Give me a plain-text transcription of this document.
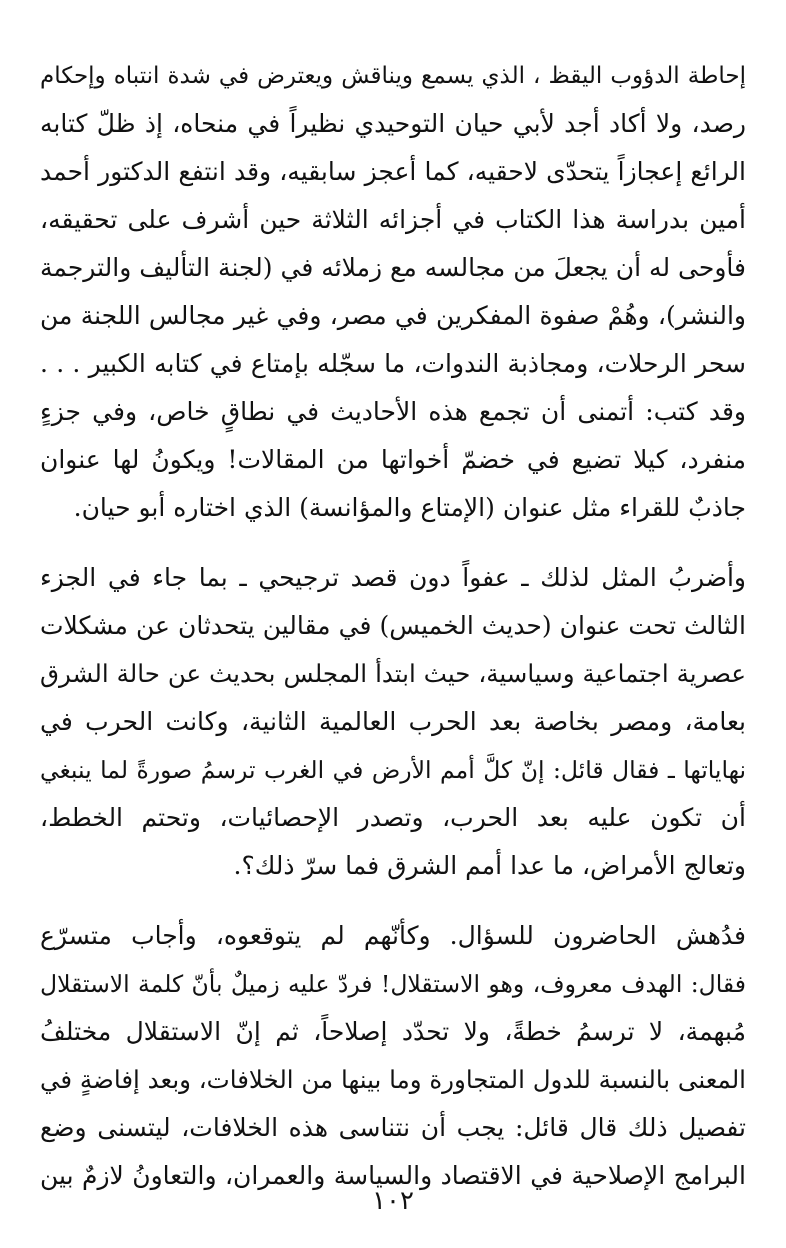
إحاطة الدؤوب اليقظ ، الذي يسمع ويناقش ويعترض في شدة انتباه وإحكام
رصد، ولا أكاد أجد لأبي حيان التوحيدي نظيراً في منحاه، إذ ظلّ كتابه
الرائع إعجازاً يتحدّى لاحقيه، كما أعجز سابقيه، وقد انتفع الدكتور أحمد
أمين بدراسة هذا الكتاب في أجزائه الثلاثة حين أشرف على تحقيقه،
فأوحى له أن يجعلَ من مجالسه مع زملائه في (لجنة التأليف والترجمة
والنشر)، وهُمْ صفوة المفكرين في مصر، وفي غير مجالس اللجنة من
سحر الرحلات، ومجاذبة الندوات، ما سجّله بإمتاع في كتابه الكبير . . .
وقد كتب: أتمنى أن تجمع هذه الأحاديث في نطاقٍ خاص، وفي جزءٍ
منفرد، كيلا تضيع في خضمّ أخواتها من المقالات! ويكونُ لها عنوان
جاذبٌ للقراء مثل عنوان (الإمتاع والمؤانسة) الذي اختاره أبو حيان.
وأضربُ المثل لذلك ـ عفواً دون قصد ترجيحي ـ بما جاء في الجزء
الثالث تحت عنوان (حديث الخميس) في مقالين يتحدثان عن مشكلات
عصرية اجتماعية وسياسية، حيث ابتدأ المجلس بحديث عن حالة الشرق
بعامة، ومصر بخاصة بعد الحرب العالمية الثانية، وكانت الحرب في
نهاياتها ـ فقال قائل: إنّ كلَّ أمم الأرض في الغرب ترسمُ صورةً لما ينبغي
أن تكون عليه بعد الحرب، وتصدر الإحصائيات، وتحتم الخطط،
وتعالج الأمراض، ما عدا أمم الشرق فما سرّ ذلك؟.
فدُهش الحاضرون للسؤال. وكأنّهم لم يتوقعوه، وأجاب متسرّع
فقال: الهدف معروف، وهو الاستقلال! فردّ عليه زميلٌ بأنّ كلمة الاستقلال
مُبهمة، لا ترسمُ خطةً، ولا تحدّد إصلاحاً، ثم إنّ الاستقلال مختلفُ
المعنى بالنسبة للدول المتجاورة وما بينها من الخلافات، وبعد إفاضةٍ في
تفصيل ذلك قال قائل: يجب أن نتناسى هذه الخلافات، ليتسنى وضع
البرامج الإصلاحية في الاقتصاد والسياسة والعمران، والتعاونُ لازمٌ بين
١٠٢
